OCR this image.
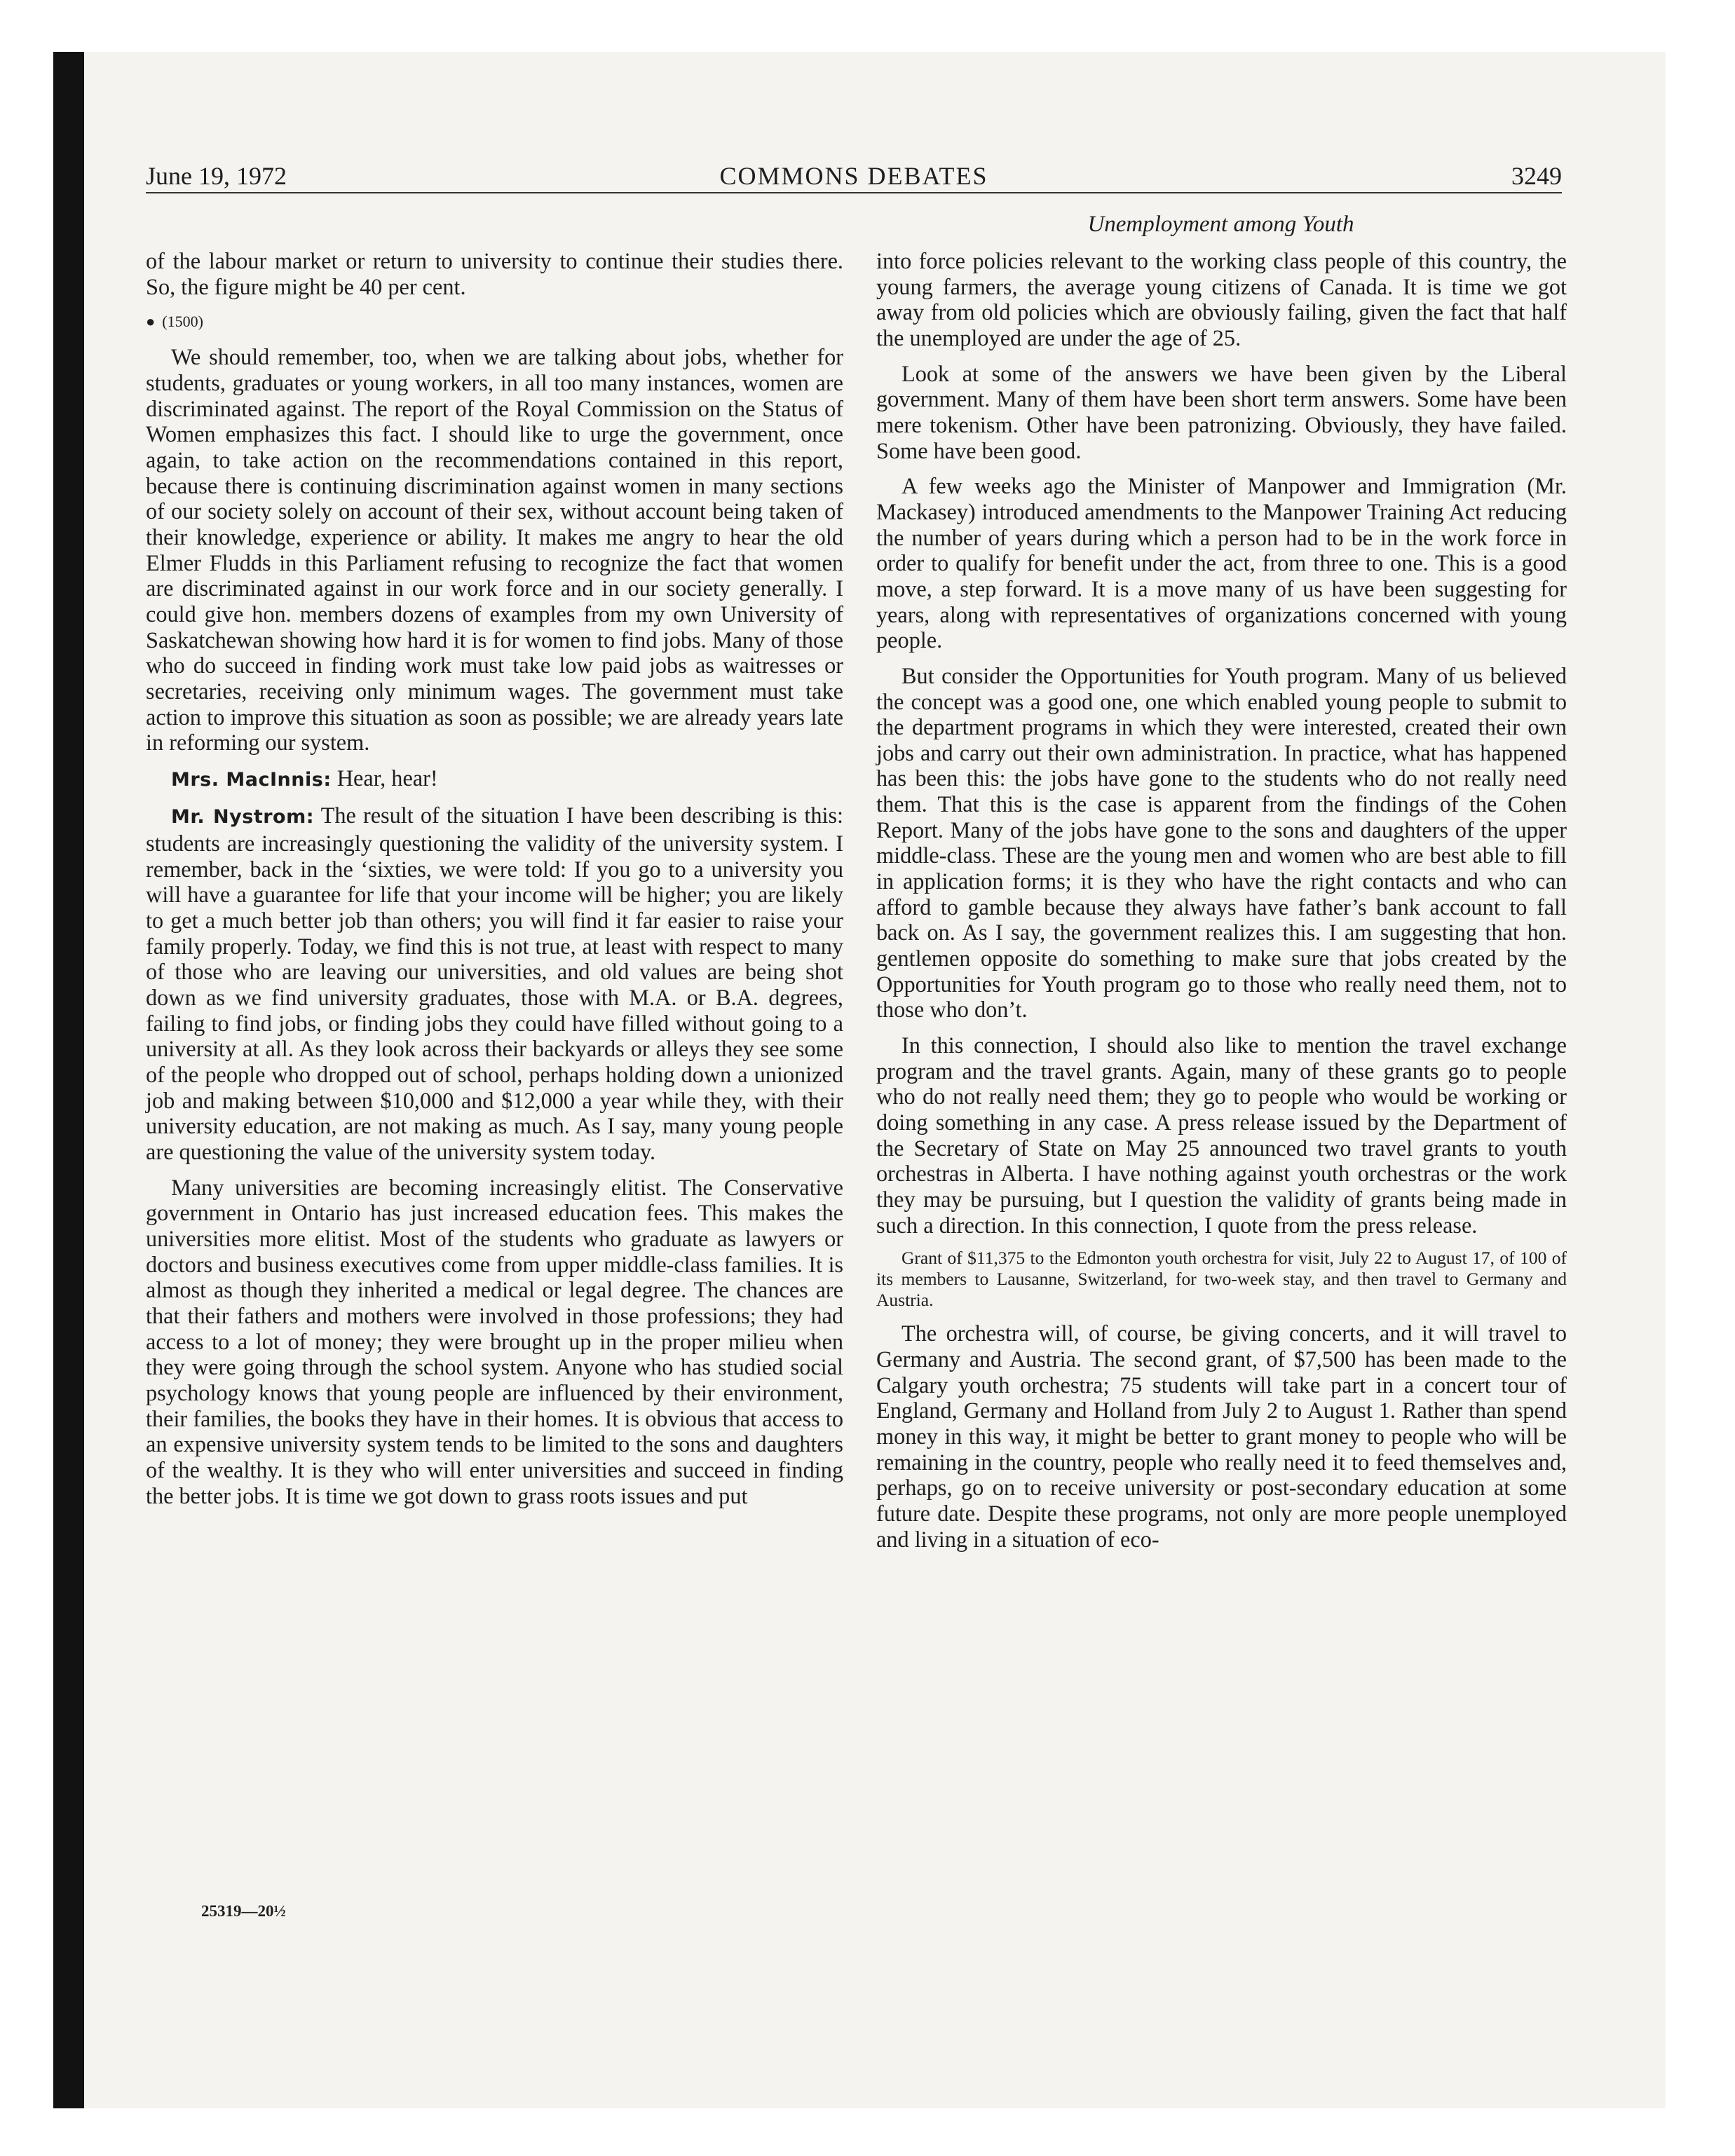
June 19, 1972	COMMONS DEBATES	3249
Unemployment among Youth

of the labour market or return to university to continue their studies there. So, the figure might be 40 per cent.

● (1500)

We should remember, too, when we are talking about jobs, whether for students, graduates or young workers, in all too many instances, women are discriminated against. The report of the Royal Commission on the Status of Women emphasizes this fact. I should like to urge the government, once again, to take action on the recommendations contained in this report, because there is continuing discrimination against women in many sections of our society solely on account of their sex, without account being taken of their knowledge, experience or ability. It makes me angry to hear the old Elmer Fludds in this Parliament refusing to recognize the fact that women are discriminated against in our work force and in our society generally. I could give hon. members dozens of examples from my own University of Saskatchewan showing how hard it is for women to find jobs. Many of those who do succeed in finding work must take low paid jobs as waitresses or secretaries, receiving only minimum wages. The government must take action to improve this situation as soon as possible; we are already years late in reforming our system.

Mrs. MacInnis: Hear, hear!

Mr. Nystrom: The result of the situation I have been describing is this: students are increasingly questioning the validity of the university system. I remember, back in the ‘sixties, we were told: If you go to a university you will have a guarantee for life that your income will be higher; you are likely to get a much better job than others; you will find it far easier to raise your family properly. Today, we find this is not true, at least with respect to many of those who are leaving our universities, and old values are being shot down as we find university graduates, those with M.A. or B.A. degrees, failing to find jobs, or finding jobs they could have filled without going to a university at all. As they look across their backyards or alleys they see some of the people who dropped out of school, perhaps holding down a unionized job and making between $10,000 and $12,000 a year while they, with their university education, are not making as much. As I say, many young people are questioning the value of the university system today.

Many universities are becoming increasingly elitist. The Conservative government in Ontario has just increased education fees. This makes the universities more elitist. Most of the students who graduate as lawyers or doctors and business executives come from upper middle-class families. It is almost as though they inherited a medical or legal degree. The chances are that their fathers and mothers were involved in those professions; they had access to a lot of money; they were brought up in the proper milieu when they were going through the school system. Anyone who has studied social psychology knows that young people are influenced by their environment, their families, the books they have in their homes. It is obvious that access to an expensive university system tends to be limited to the sons and daughters of the wealthy. It is they who will enter universities and succeed in finding the better jobs. It is time we got down to grass roots issues and put

into force policies relevant to the working class people of this country, the young farmers, the average young citizens of Canada. It is time we got away from old policies which are obviously failing, given the fact that half the unemployed are under the age of 25.

Look at some of the answers we have been given by the Liberal government. Many of them have been short term answers. Some have been mere tokenism. Other have been patronizing. Obviously, they have failed. Some have been good.

A few weeks ago the Minister of Manpower and Immigration (Mr. Mackasey) introduced amendments to the Manpower Training Act reducing the number of years during which a person had to be in the work force in order to qualify for benefit under the act, from three to one. This is a good move, a step forward. It is a move many of us have been suggesting for years, along with representatives of organizations concerned with young people.

But consider the Opportunities for Youth program. Many of us believed the concept was a good one, one which enabled young people to submit to the department programs in which they were interested, created their own jobs and carry out their own administration. In practice, what has happened has been this: the jobs have gone to the students who do not really need them. That this is the case is apparent from the findings of the Cohen Report. Many of the jobs have gone to the sons and daughters of the upper middle-class. These are the young men and women who are best able to fill in application forms; it is they who have the right contacts and who can afford to gamble because they always have father’s bank account to fall back on. As I say, the government realizes this. I am suggesting that hon. gentlemen opposite do something to make sure that jobs created by the Opportunities for Youth program go to those who really need them, not to those who don’t.

In this connection, I should also like to mention the travel exchange program and the travel grants. Again, many of these grants go to people who do not really need them; they go to people who would be working or doing something in any case. A press release issued by the Department of the Secretary of State on May 25 announced two travel grants to youth orchestras in Alberta. I have nothing against youth orchestras or the work they may be pursuing, but I question the validity of grants being made in such a direction. In this connection, I quote from the press release.

Grant of $11,375 to the Edmonton youth orchestra for visit, July 22 to August 17, of 100 of its members to Lausanne, Switzerland, for two-week stay, and then travel to Germany and Austria.

The orchestra will, of course, be giving concerts, and it will travel to Germany and Austria. The second grant, of $7,500 has been made to the Calgary youth orchestra; 75 students will take part in a concert tour of England, Germany and Holland from July 2 to August 1. Rather than spend money in this way, it might be better to grant money to people who will be remaining in the country, people who really need it to feed themselves and, perhaps, go on to receive university or post-secondary education at some future date. Despite these programs, not only are more people unemployed and living in a situation of eco-

25319—20½
